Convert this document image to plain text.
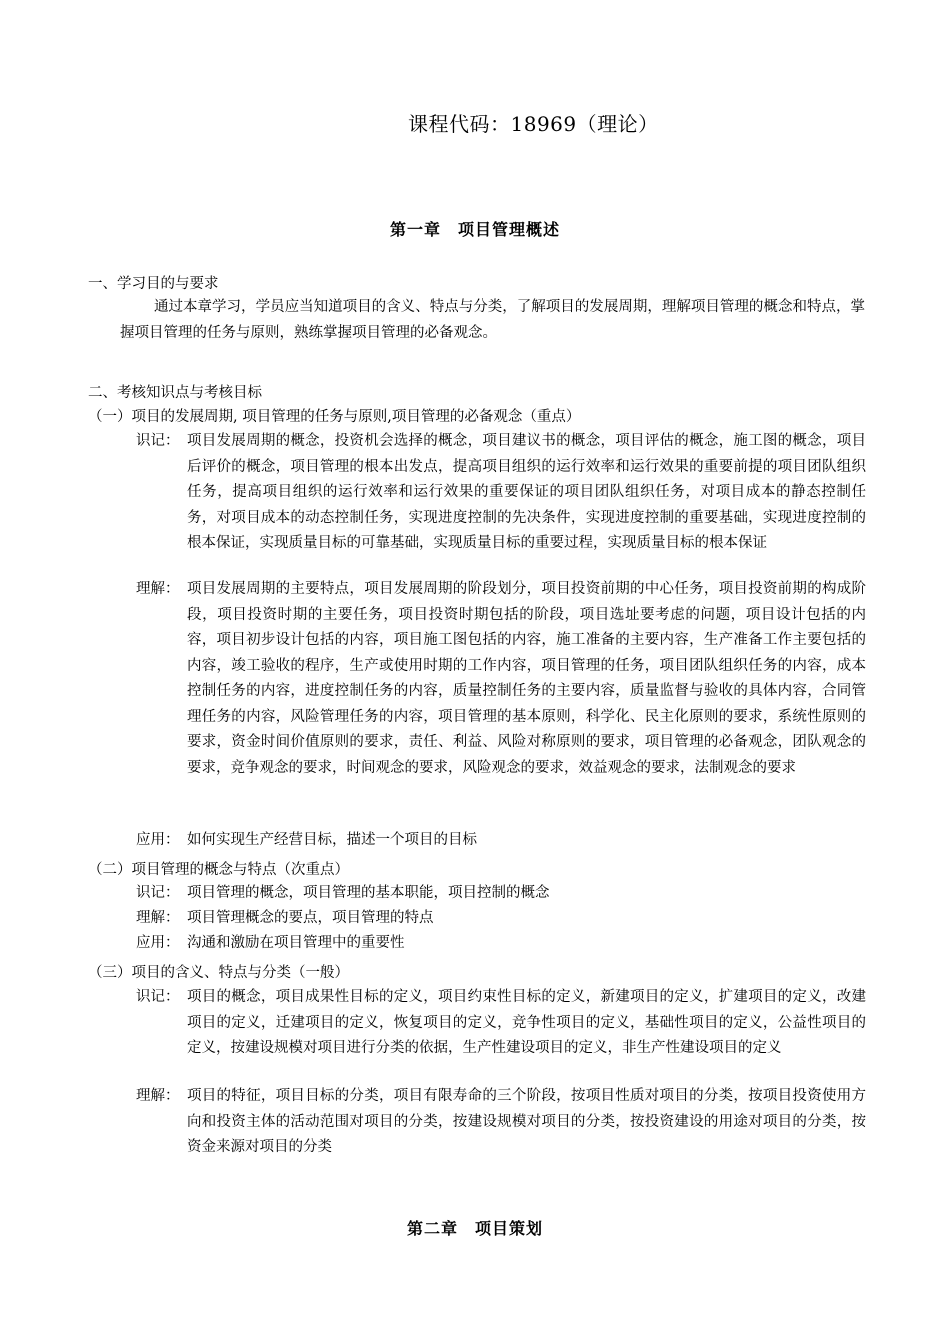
课程代码：18969（理论）
第一章　项目管理概述
一、学习目的与要求
通过本章学习，学员应当知道项目的含义、特点与分类，了解项目的发展周期，理解项目管理的概念和特点，掌握项目管理的任务与原则，熟练掌握项目管理的必备观念。
二、考核知识点与考核目标
（一）项目的发展周期, 项目管理的任务与原则,项目管理的必备观念（重点）
识记： 项目发展周期的概念，投资机会选择的概念，项目建议书的概念，项目评估的概念，施工图的概念，项目后评价的概念，项目管理的根本出发点，提高项目组织的运行效率和运行效果的重要前提的项目团队组织任务，提高项目组织的运行效率和运行效果的重要保证的项目团队组织任务，对项目成本的静态控制任务，对项目成本的动态控制任务，实现进度控制的先决条件，实现进度控制的重要基础，实现进度控制的根本保证，实现质量目标的可靠基础，实现质量目标的重要过程，实现质量目标的根本保证
理解： 项目发展周期的主要特点，项目发展周期的阶段划分，项目投资前期的中心任务，项目投资前期的构成阶段，项目投资时期的主要任务，项目投资时期包括的阶段，项目选址要考虑的问题，项目设计包括的内容，项目初步设计包括的内容，项目施工图包括的内容，施工准备的主要内容，生产准备工作主要包括的内容，竣工验收的程序，生产或使用时期的工作内容，项目管理的任务，项目团队组织任务的内容，成本控制任务的内容，进度控制任务的内容，质量控制任务的主要内容，质量监督与验收的具体内容，合同管理任务的内容，风险管理任务的内容，项目管理的基本原则，科学化、民主化原则的要求，系统性原则的要求，资金时间价值原则的要求，责任、利益、风险对称原则的要求，项目管理的必备观念，团队观念的要求，竞争观念的要求，时间观念的要求，风险观念的要求，效益观念的要求，法制观念的要求
应用： 如何实现生产经营目标，描述一个项目的目标
（二）项目管理的概念与特点（次重点）
识记： 项目管理的概念，项目管理的基本职能，项目控制的概念
理解： 项目管理概念的要点，项目管理的特点
应用： 沟通和激励在项目管理中的重要性
（三）项目的含义、特点与分类（一般）
识记： 项目的概念，项目成果性目标的定义，项目约束性目标的定义，新建项目的定义，扩建项目的定义，改建项目的定义，迁建项目的定义，恢复项目的定义，竞争性项目的定义，基础性项目的定义，公益性项目的定义，按建设规模对项目进行分类的依据，生产性建设项目的定义，非生产性建设项目的定义
理解： 项目的特征，项目目标的分类，项目有限寿命的三个阶段，按项目性质对项目的分类，按项目投资使用方向和投资主体的活动范围对项目的分类，按建设规模对项目的分类，按投资建设的用途对项目的分类，按资金来源对项目的分类
第二章　项目策划
